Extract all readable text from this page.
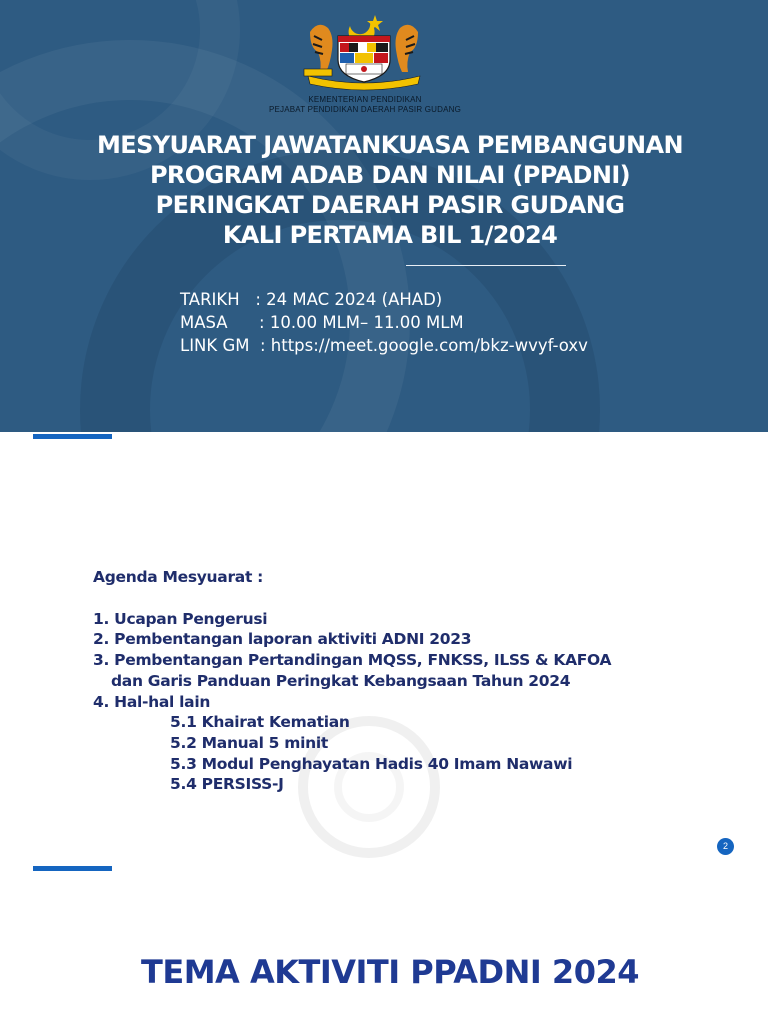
KEMENTERIAN PENDIDIKAN
PEJABAT PENDIDIKAN DAERAH PASIR GUDANG
MESYUARAT JAWATANKUASA PEMBANGUNAN
PROGRAM ADAB DAN NILAI (PPADNI)
PERINGKAT DAERAH PASIR GUDANG
KALI PERTAMA BIL 1/2024
TARIKH   : 24 MAC 2024 (AHAD)
MASA      : 10.00 MLM– 11.00 MLM
LINK GM  : https://meet.google.com/bkz-wvyf-oxv
Agenda Mesyuarat :
1. Ucapan Pengerusi
2. Pembentangan laporan aktiviti ADNI 2023
3. Pembentangan Pertandingan MQSS, FNKSS, ILSS & KAFOA
dan Garis Panduan Peringkat Kebangsaan Tahun 2024
4. Hal-hal lain
5.1 Khairat Kematian
5.2 Manual 5 minit
5.3 Modul Penghayatan Hadis 40 Imam Nawawi
5.4 PERSISS-J
2
TEMA AKTIVITI PPADNI 2024
